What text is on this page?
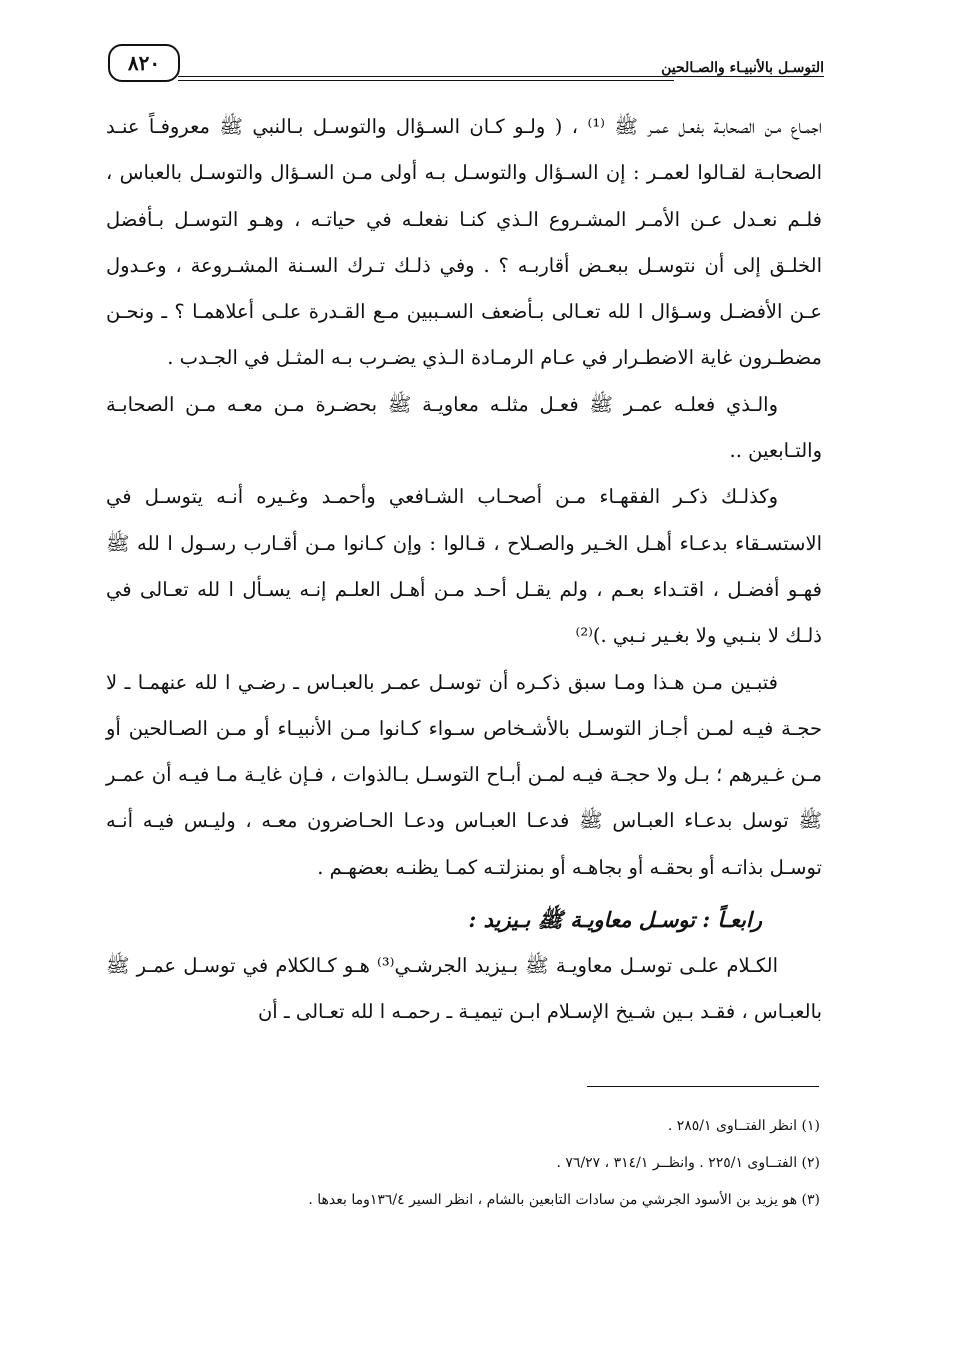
التوسـل بالأنبيـاء والصـالحين
٨٢٠

اجمـاع مـن الصحابـة بفعـل عمـر ﷺ ⁽¹⁾ ، ( ولـو كـان السـؤال والتوسـل بـالنبي ﷺ معروفـاً عنـد الصحابـة لقـالوا لعمـر : إن السـؤال والتوسـل بـه أولى مـن السـؤال والتوسـل بالعباس ، فلـم نعـدل عـن الأمـر المشـروع الـذي كنـا نفعلـه في حياتـه ، وهـو التوسـل بـأفضل الخلـق إلى أن نتوسـل ببعـض أقاربـه ؟ . وفي ذلـك تـرك السـنة المشـروعة ، وعـدول عـن الأفضـل وسـؤال ا لله تعـالى بـأضعف السـببين مـع القـدرة علـى أعلاهمـا ؟ ـ ونحـن مضطـرون غاية الاضطـرار في عـام الرمـادة الـذي يضـرب بـه المثـل في الجـدب .

والـذي فعلـه عمـر ﷺ فعـل مثلـه معاويـة ﷺ بحضـرة مـن معـه مـن الصحابـة والتـابعين ..

وكذلـك ذكـر الفقهـاء مـن أصحـاب الشـافعي وأحمـد وغـيره أنـه يتوسـل في الاستسـقاء بدعـاء أهـل الخـير والصـلاح ، قـالوا : وإن كـانوا مـن أقـارب رسـول ا لله ﷺ فهـو أفضـل ، اقتـداء بعـم ، ولم يقـل أحـد مـن أهـل العلـم إنـه يسـأل ا لله تعـالى في ذلـك لا بنـبي ولا بغـير نـبي .)⁽²⁾

فتبـين مـن هـذا ومـا سبق ذكـره أن توسـل عمـر بالعبـاس ـ رضـي ا لله عنهمـا ـ لا حجـة فيـه لمـن أجـاز التوسـل بالأشـخاص سـواء كـانوا مـن الأنبيـاء أو مـن الصـالحين أو مـن غـيرهم ؛ بـل ولا حجـة فيـه لمـن أبـاح التوسـل بـالذوات ، فـإن غايـة مـا فيـه أن عمـر ﷺ توسل بدعـاء العبـاس ﷺ فدعـا العبـاس ودعـا الحـاضرون معـه ، وليـس فيـه أنـه توسـل بذاتـه أو بحقـه أو بجاهـه أو بمنزلتـه كمـا يظنـه بعضهـم .

رابعـاً : توسـل معاويـة ﷺ بـيزيد :

الكـلام علـى توسـل معاويـة ﷺ بـيزيد الجرشـي⁽³⁾ هـو كـالكلام في توسـل عمـر ﷺ بالعبـاس ، فقـد بـين شـيخ الإسـلام ابـن تيميـة ـ رحمـه ا لله تعـالى ـ أن

(١) انظر الفتــاوى ٢٨٥/١ .

(٢) الفتــاوى ٢٢٥/١ . وانظــر ٣١٤/١ ، ٧٦/٢٧ .

(٣) هو يزيد بن الأسود الجرشي من سادات التابعين بالشام ، انظر السير ١٣٦/٤وما بعدها .
